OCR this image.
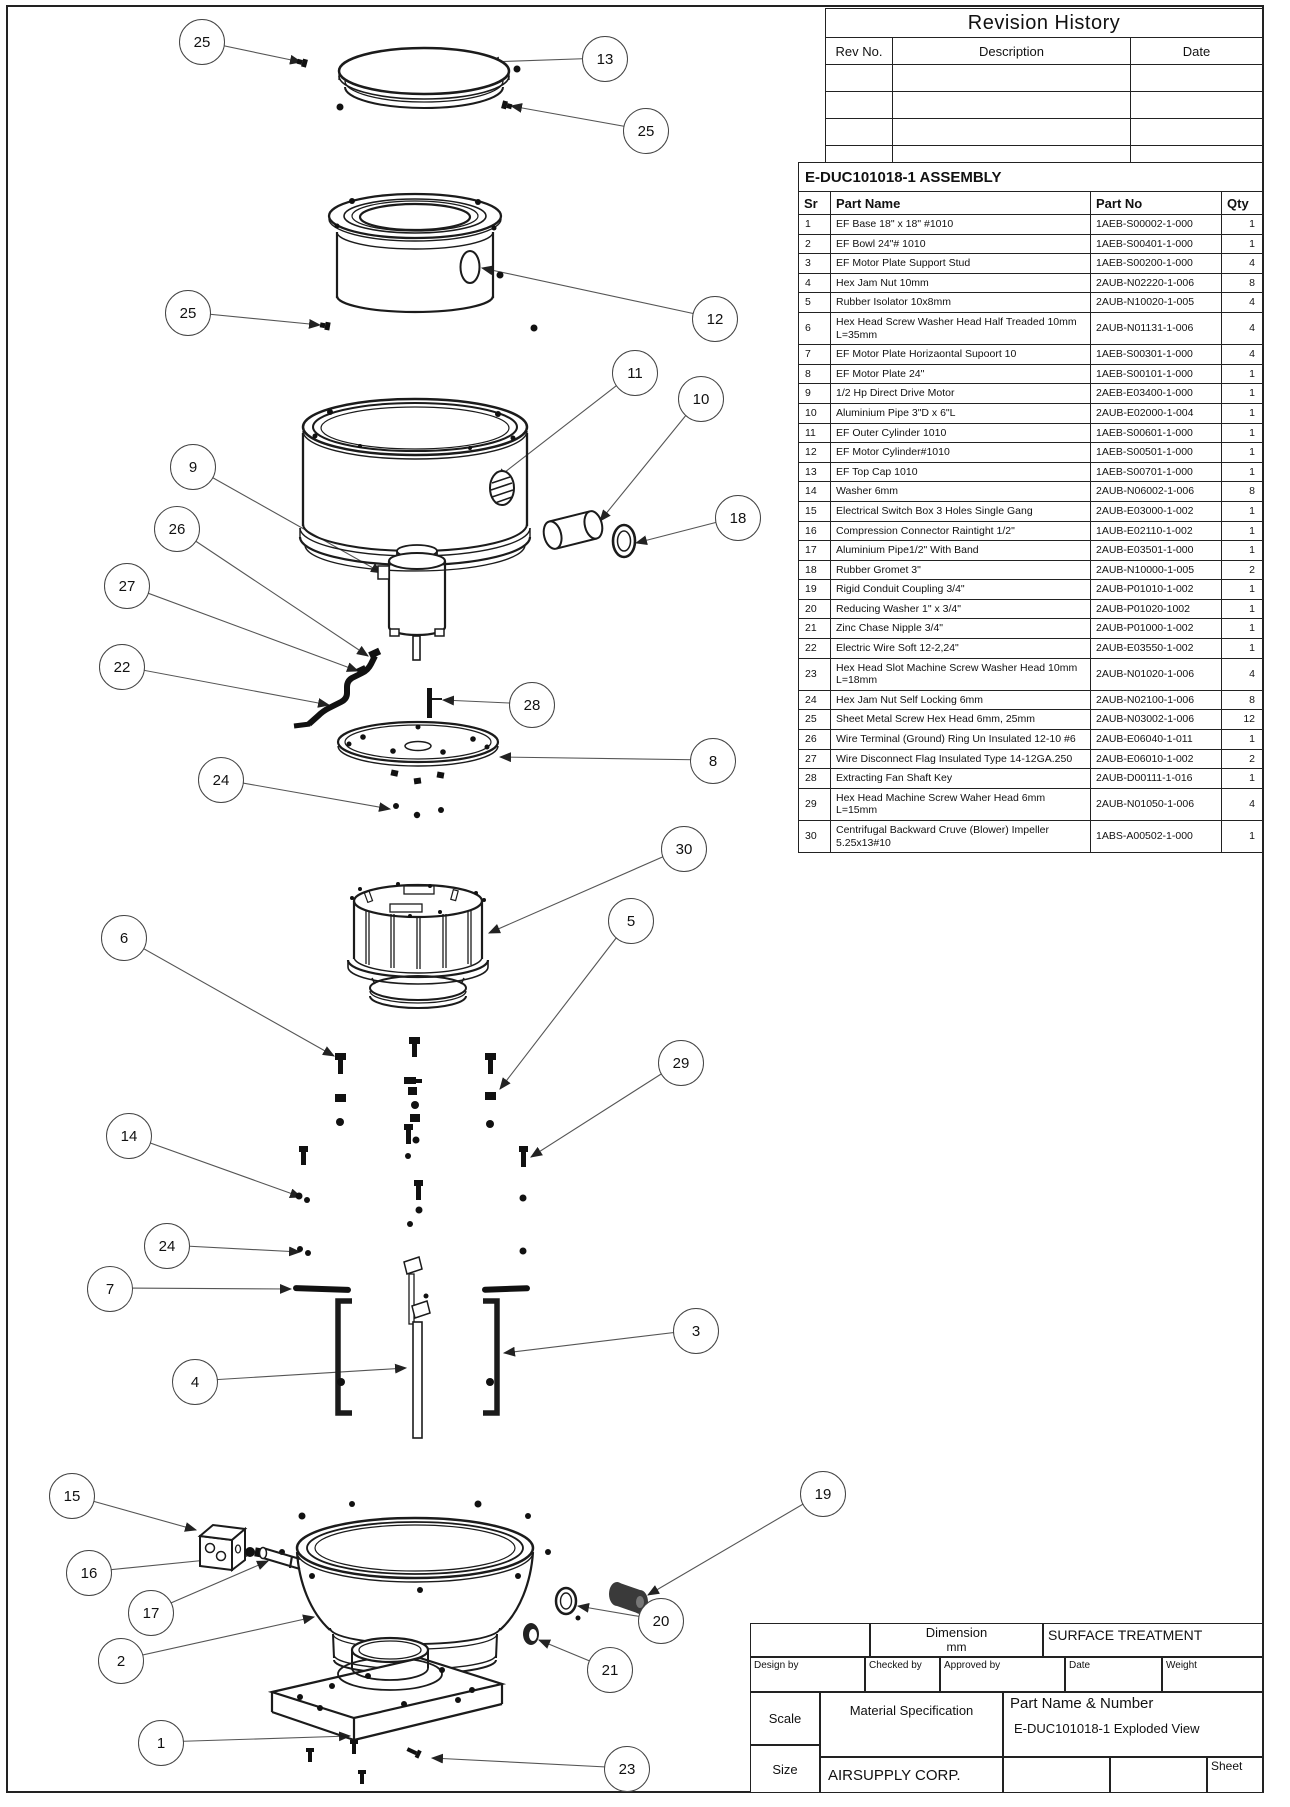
25
13
25
25	12
11
10
9
18
26
27
22
28
24
8
30
6
5
29
14
24
7
4
3
15
16
17
2
19
20
21
1
23
Revision History		
Rev No.	Description	Date

E-DUC101018-1 ASSEMBLY			
Sr	Part Name	Part No	Qty
1	EF Base 18" x 18" #1010	1AEB-S00002-1-000	1
2	EF Bowl 24"# 1010	1AEB-S00401-1-000	1
3	EF Motor Plate Support Stud	1AEB-S00200-1-000	4
4	Hex Jam Nut 10mm	2AUB-N02220-1-006	8
5	Rubber Isolator 10x8mm	2AUB-N10020-1-005	4
6	Hex Head Screw Washer Head Half Treaded 10mm L=35mm	2AUB-N01131-1-006	4
7	EF Motor Plate Horizaontal Supoort 10	1AEB-S00301-1-000	4
8	EF Motor Plate 24"	1AEB-S00101-1-000	1
9	1/2 Hp Direct Drive Motor	2AEB-E03400-1-000	1
10	Aluminium Pipe 3"D x 6"L	2AUB-E02000-1-004	1
11	EF Outer Cylinder 1010	1AEB-S00601-1-000	1
12	EF Motor Cylinder#1010	1AEB-S00501-1-000	1
13	EF Top Cap 1010	1AEB-S00701-1-000	1
14	Washer 6mm	2AUB-N06002-1-006	8
15	Electrical Switch Box 3 Holes Single Gang	2AUB-E03000-1-002	1
16	Compression Connector Raintight 1/2"	1AUB-E02110-1-002	1
17	Aluminium Pipe1/2" With Band	2AUB-E03501-1-000	1
18	Rubber Gromet 3"	2AUB-N10000-1-005	2
19	Rigid Conduit Coupling 3/4"	2AUB-P01010-1-002	1
20	Reducing Washer 1" x 3/4"	2AUB-P01020-1002	1
21	Zinc Chase Nipple 3/4"	2AUB-P01000-1-002	1
22	Electric Wire Soft 12-2,24"	2AUB-E03550-1-002	1
23	Hex Head Slot Machine Screw Washer Head 10mm L=18mm	2AUB-N01020-1-006	4
24	Hex Jam Nut Self Locking 6mm	2AUB-N02100-1-006	8
25	Sheet Metal Screw Hex Head 6mm, 25mm	2AUB-N03002-1-006	12
26	Wire Terminal (Ground) Ring Un Insulated 12-10 #6	2AUB-E06040-1-011	1
27	Wire Disconnect Flag Insulated Type 14-12GA.250	2AUB-E06010-1-002	2
28	Extracting Fan Shaft Key	2AUB-D00111-1-016	1
29	Hex Head Machine Screw Waher Head 6mm L=15mm	2AUB-N01050-1-006	4
30	Centrifugal Backward Cruve (Blower) Impeller 5.25x13#10	1ABS-A00502-1-000	1
Dimension
mm
SURFACE TREATMENT
Design by	Checked by	Approved by	Date	Weight
Scale
Material Specification	Part Name & Number
E-DUC101018-1 Exploded View
Size	AIRSUPPLY CORP.
Sheet
